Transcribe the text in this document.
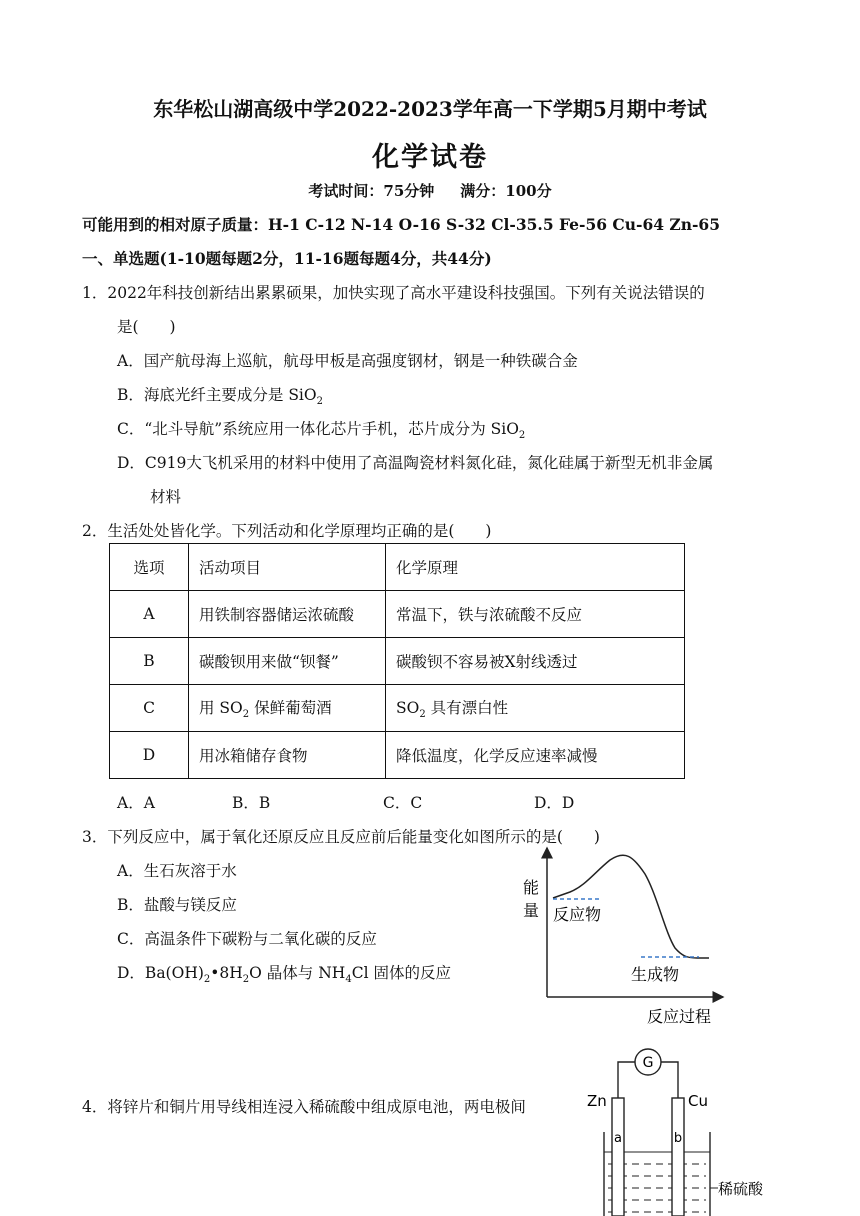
东华松山湖高级中学2022-2023学年高一下学期5月期中考试
化学试卷
考试时间：75分钟 满分：100分
可能用到的相对原子质量：H-1 C-12 N-14 O-16 S-32 Cl-35.5 Fe-56 Cu-64 Zn-65
一、单选题(1-10题每题2分，11-16题每题4分，共44分)
1．2022年科技创新结出累累硕果，加快实现了高水平建设科技强国。下列有关说法错误的
是(　　)
A．国产航母海上巡航，航母甲板是高强度钢材，钢是一种铁碳合金
B．海底光纤主要成分是 SiO$_2$
C．“北斗导航”系统应用一体化芯片手机，芯片成分为 SiO$_2$
D．C919大飞机采用的材料中使用了高温陶瓷材料氮化硅，氮化硅属于新型无机非金属
材料
2．生活处处皆化学。下列活动和化学原理均正确的是(　　)
选项	活动项目	化学原理
A	用铁制容器储运浓硫酸	常温下，铁与浓硫酸不反应
B	碳酸钡用来做“钡餐”	碳酸钡不容易被X射线透过
C	用 $SO_2$ 保鲜葡萄酒	$SO_2$ 具有漂白性
D	用冰箱储存食物	降低温度，化学反应速率减慢
A．A	B．B	C．C	D．D
3．下列反应中，属于氧化还原反应且反应前后能量变化如图所示的是(　　)
A．生石灰溶于水
B．盐酸与镁反应
C．高温条件下碳粉与二氧化碳的反应
D．$Ba(OH)_2•8H_2O$ 晶体与 $NH_4Cl$ 固体的反应
能
量 反应物
生成物
反应过程
4．将锌片和铜片用导线相连浸入稀硫酸中组成原电池，两电极间
G
Zn	Cu
a	b
稀硫酸
